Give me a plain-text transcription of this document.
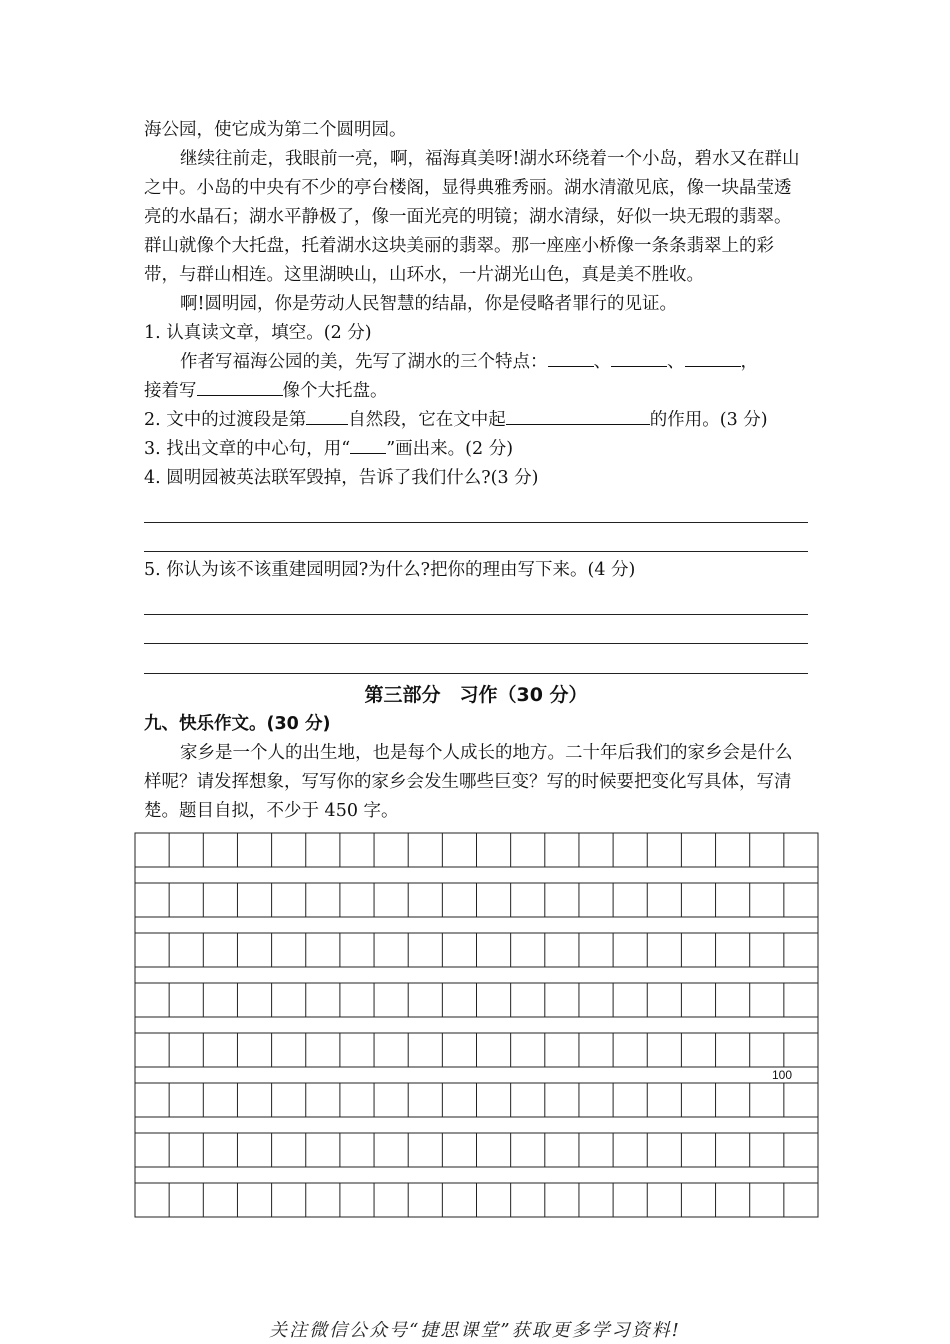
海公园，使它成为第二个圆明园。

继续往前走，我眼前一亮，啊，福海真美呀!湖水环绕着一个小岛，碧水又在群山之中。小岛的中央有不少的亭台楼阁，显得典雅秀丽。湖水清澈见底，像一块晶莹透亮的水晶石；湖水平静极了，像一面光亮的明镜；湖水清绿，好似一块无瑕的翡翠。群山就像个大托盘，托着湖水这块美丽的翡翠。那一座座小桥像一条条翡翠上的彩带，与群山相连。这里湖映山，山环水，一片湖光山色，真是美不胜收。

啊!圆明园，你是劳动人民智慧的结晶，你是侵略者罪行的见证。

1. 认真读文章，填空。(2 分)

作者写福海公园的美，先写了湖水的三个特点：	、	、	，

接着写	像个大托盘。

2. 文中的过渡段是第 自然段，它在文中起	的作用。(3 分)

3. 找出文章的中心句，用“ ”画出来。(2 分)

4. 圆明园被英法联军毁掉，告诉了我们什么?(3 分)

5. 你认为该不该重建园明园?为什么?把你的理由写下来。(4 分)

第三部分　习作（30 分）

九、快乐作文。(30 分)

家乡是一个人的出生地，也是每个人成长的地方。二十年后我们的家乡会是什么样呢？请发挥想象，写写你的家乡会发生哪些巨变？写的时候要把变化写具体，写清楚。题目自拟，不少于 450 字。

100
关注微信公众号“捷思课堂”获取更多学习资料!
